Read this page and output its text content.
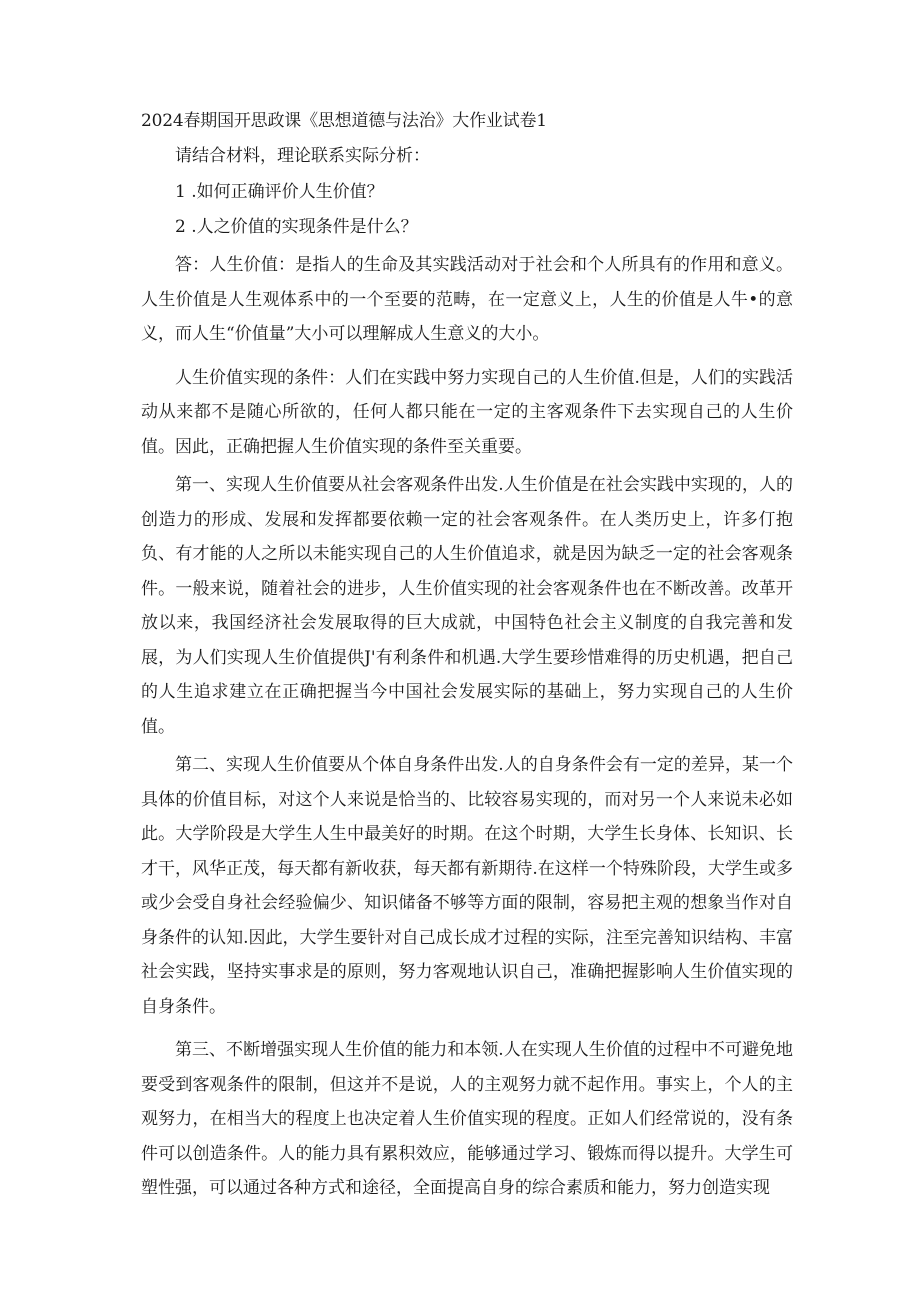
2024春期国开思政课《思想道德与法治》大作业试卷1

请结合材料，理论联系实际分析：

1 .如何正确评价人生价值？

2 .人之价值的实现条件是什么？

答：人生价值：是指人的生命及其实践活动对于社会和个人所具有的作用和意义。人生价值是人生观体系中的一个至要的范畴，在一定意义上，人生的价值是人牛•的意义，而人生“价值量”大小可以理解成人生意义的大小。

人生价值实现的条件：人们在实践中努力实现自己的人生价值.但是，人们的实践活动从来都不是随心所欲的，任何人都只能在一定的主客观条件下去实现自己的人生价值。因此，正确把握人生价值实现的条件至关重要。

第一、实现人生价值要从社会客观条件出发.人生价值是在社会实践中实现的，人的创造力的形成、发展和发挥都要依赖一定的社会客观条件。在人类历史上，许多仃抱负、有才能的人之所以未能实现自己的人生价值追求，就是因为缺乏一定的社会客观条件。一般来说，随着社会的进步，人生价值实现的社会客观条件也在不断改善。改革开放以来，我国经济社会发展取得的巨大成就，中国特色社会主义制度的自我完善和发展，为人们实现人生价值提供J'有利条件和机遇.大学生要珍惜难得的历史机遇，把自己的人生追求建立在正确把握当今中国社会发展实际的基础上，努力实现自己的人生价值。

第二、实现人生价值要从个体自身条件出发.人的自身条件会有一定的差异，某一个具体的价值目标，对这个人来说是恰当的、比较容易实现的，而对另一个人来说未必如此。大学阶段是大学生人生中最美好的时期。在这个时期，大学生长身体、长知识、长才干，风华正茂，每天都有新收获，每天都有新期待.在这样一个特殊阶段，大学生或多或少会受自身社会经验偏少、知识储备不够等方面的限制，容易把主观的想象当作对自身条件的认知.因此，大学生要针对自己成长成才过程的实际，注至完善知识结构、丰富社会实践，坚持实事求是的原则，努力客观地认识自己，准确把握影响人生价值实现的自身条件。

第三、不断增强实现人生价值的能力和本领.人在实现人生价值的过程中不可避免地要受到客观条件的限制，但这并不是说，人的主观努力就不起作用。事实上，个人的主观努力，在相当大的程度上也决定着人生价值实现的程度。正如人们经常说的，没有条件可以创造条件。人的能力具有累积效应，能够通过学习、锻炼而得以提升。大学生可塑性强，可以通过各种方式和途径，全面提高自身的综合素质和能力，努力创造实现
